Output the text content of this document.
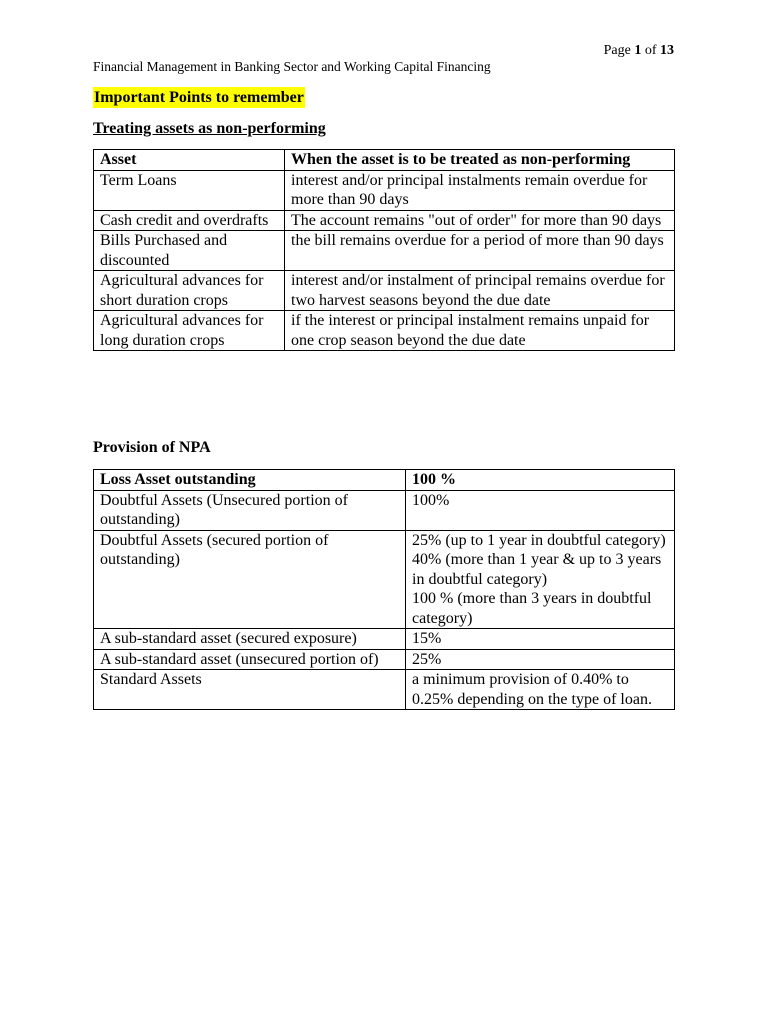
Page 1 of 13
Financial Management in Banking Sector and Working Capital Financing
Important Points to remember
Treating assets as non-performing
Asset	When the asset is to be treated as non-performing
Term Loans	interest and/or principal instalments remain overdue for more than 90 days
Cash credit and overdrafts	The account remains "out of order" for more than 90 days
Bills Purchased and discounted	the bill remains overdue for a period of more than 90 days
Agricultural advances for short duration crops	interest and/or instalment of principal remains overdue for two harvest seasons beyond the due date
Agricultural advances for long duration crops	if the interest or principal instalment remains unpaid for one crop season beyond the due date
Provision of NPA
Loss Asset outstanding	100 %
Doubtful Assets (Unsecured portion of outstanding)	100%

Doubtful Assets (secured portion of outstanding)	25% (up to 1 year in doubtful category)
40% (more than 1 year & up to 3 years in doubtful category)
100 % (more than 3 years in doubtful category)

A sub-standard asset (secured exposure)	15%

A sub-standard asset (unsecured portion of)	25%

Standard Assets	a minimum provision of 0.40% to 0.25% depending on the type of loan.
